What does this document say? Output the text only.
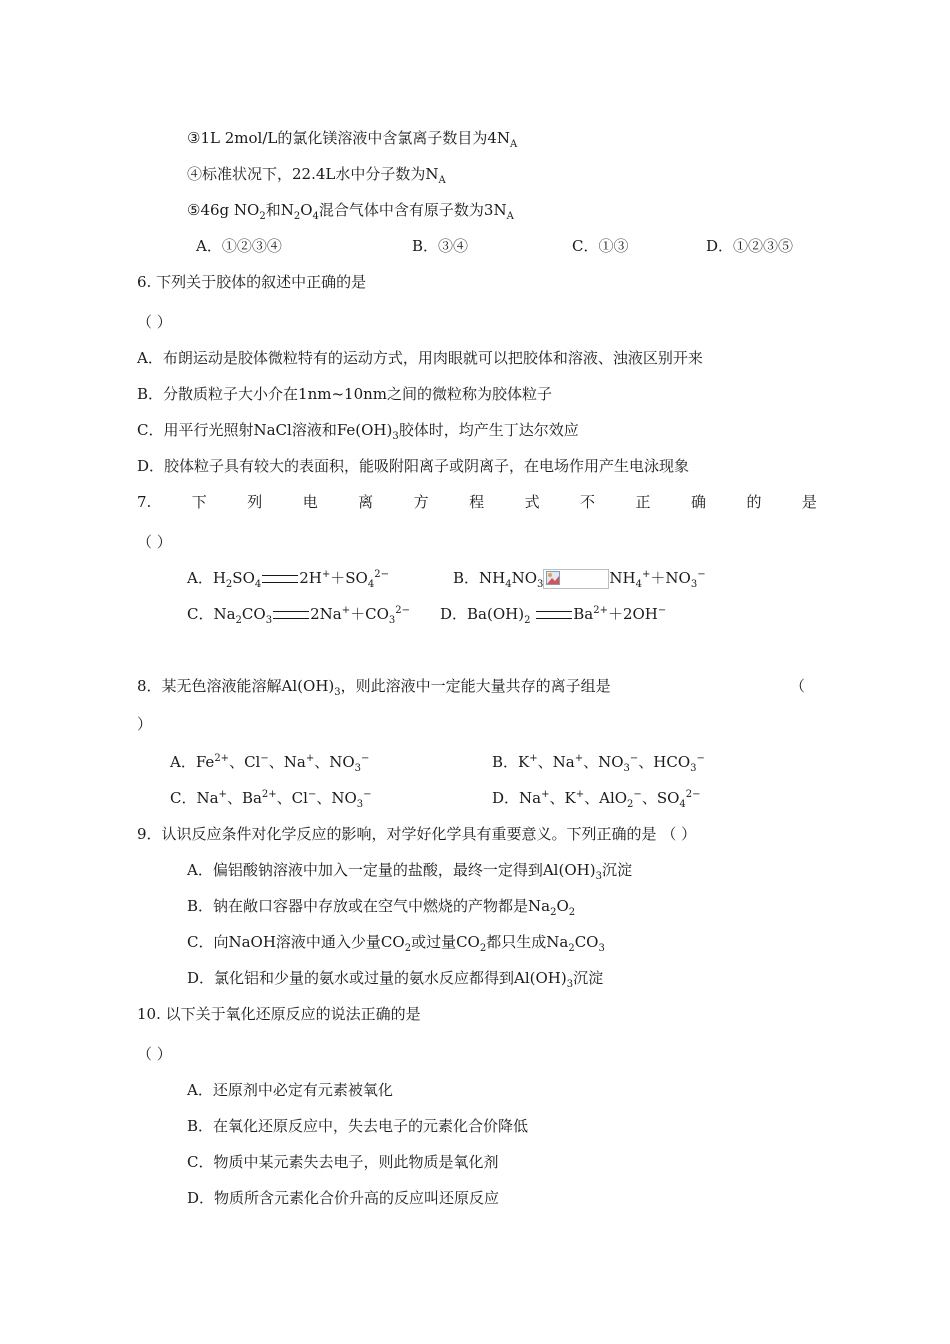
③1L 2mol/L的氯化镁溶液中含氯离子数目为$4N_A$
④标准状况下，22.4L水中分子数为$N_A$
⑤46g $NO_2$和$N_2O_4$混合气体中含有原子数为$3N_A$
A．①②③④	B．③④	C．①③	D．①②③⑤
6. 下列关于胶体的叙述中正确的是
（ ）
A．布朗运动是胶体微粒特有的运动方式，用肉眼就可以把胶体和溶液、浊液区别开来
B．分散质粒子大小介在1nm~10nm之间的微粒称为胶体粒子
C．用平行光照射NaCl溶液和$Fe(OH)_3$胶体时，均产生丁达尔效应
D．胶体粒子具有较大的表面积，能吸附阳离子或阴离子，在电场作用产生电泳现象
7.	下	列	电	离	方	程	式	不	正	确	的	是
（ ）
A．$H_2SO_4$	$2H^++SO_4^{2-}$	B．$NH_4NO_3$	$NH_4^++NO_3^-$
C．$Na_2CO_3$	$2Na^++CO_3^{2-}$ D．$Ba(OH)_2$	$Ba^{2+}+2OH^-$
8．某无色溶液能溶解$Al(OH)_3$，则此溶液中一定能大量共存的离子组是	（
）
A．$Fe^{2+}$、Cl−、Na+、$NO_3^-$	B．K+、Na+、$NO_3^-$、$HCO_3^-$
C．Na+、$Ba^{2+}$、Cl−、$NO_3^-$	D．Na+、K+、AlO$_2$−、$SO_4^{2-}$
9．认识反应条件对化学反应的影响，对学好化学具有重要意义。下列正确的是 （ ）
A．偏铝酸钠溶液中加入一定量的盐酸，最终一定得到$Al(OH)_3$沉淀
B．钠在敞口容器中存放或在空气中燃烧的产物都是$Na_2O_2$
C．向NaOH溶液中通入少量$CO_2$或过量$CO_2$都只生成$Na_2CO_3$
D．氯化铝和少量的氨水或过量的氨水反应都得到$Al(OH)_3$沉淀
10. 以下关于氧化还原反应的说法正确的是
（ ）
A．还原剂中必定有元素被氧化
B．在氧化还原反应中，失去电子的元素化合价降低
C．物质中某元素失去电子，则此物质是氧化剂
D．物质所含元素化合价升高的反应叫还原反应
